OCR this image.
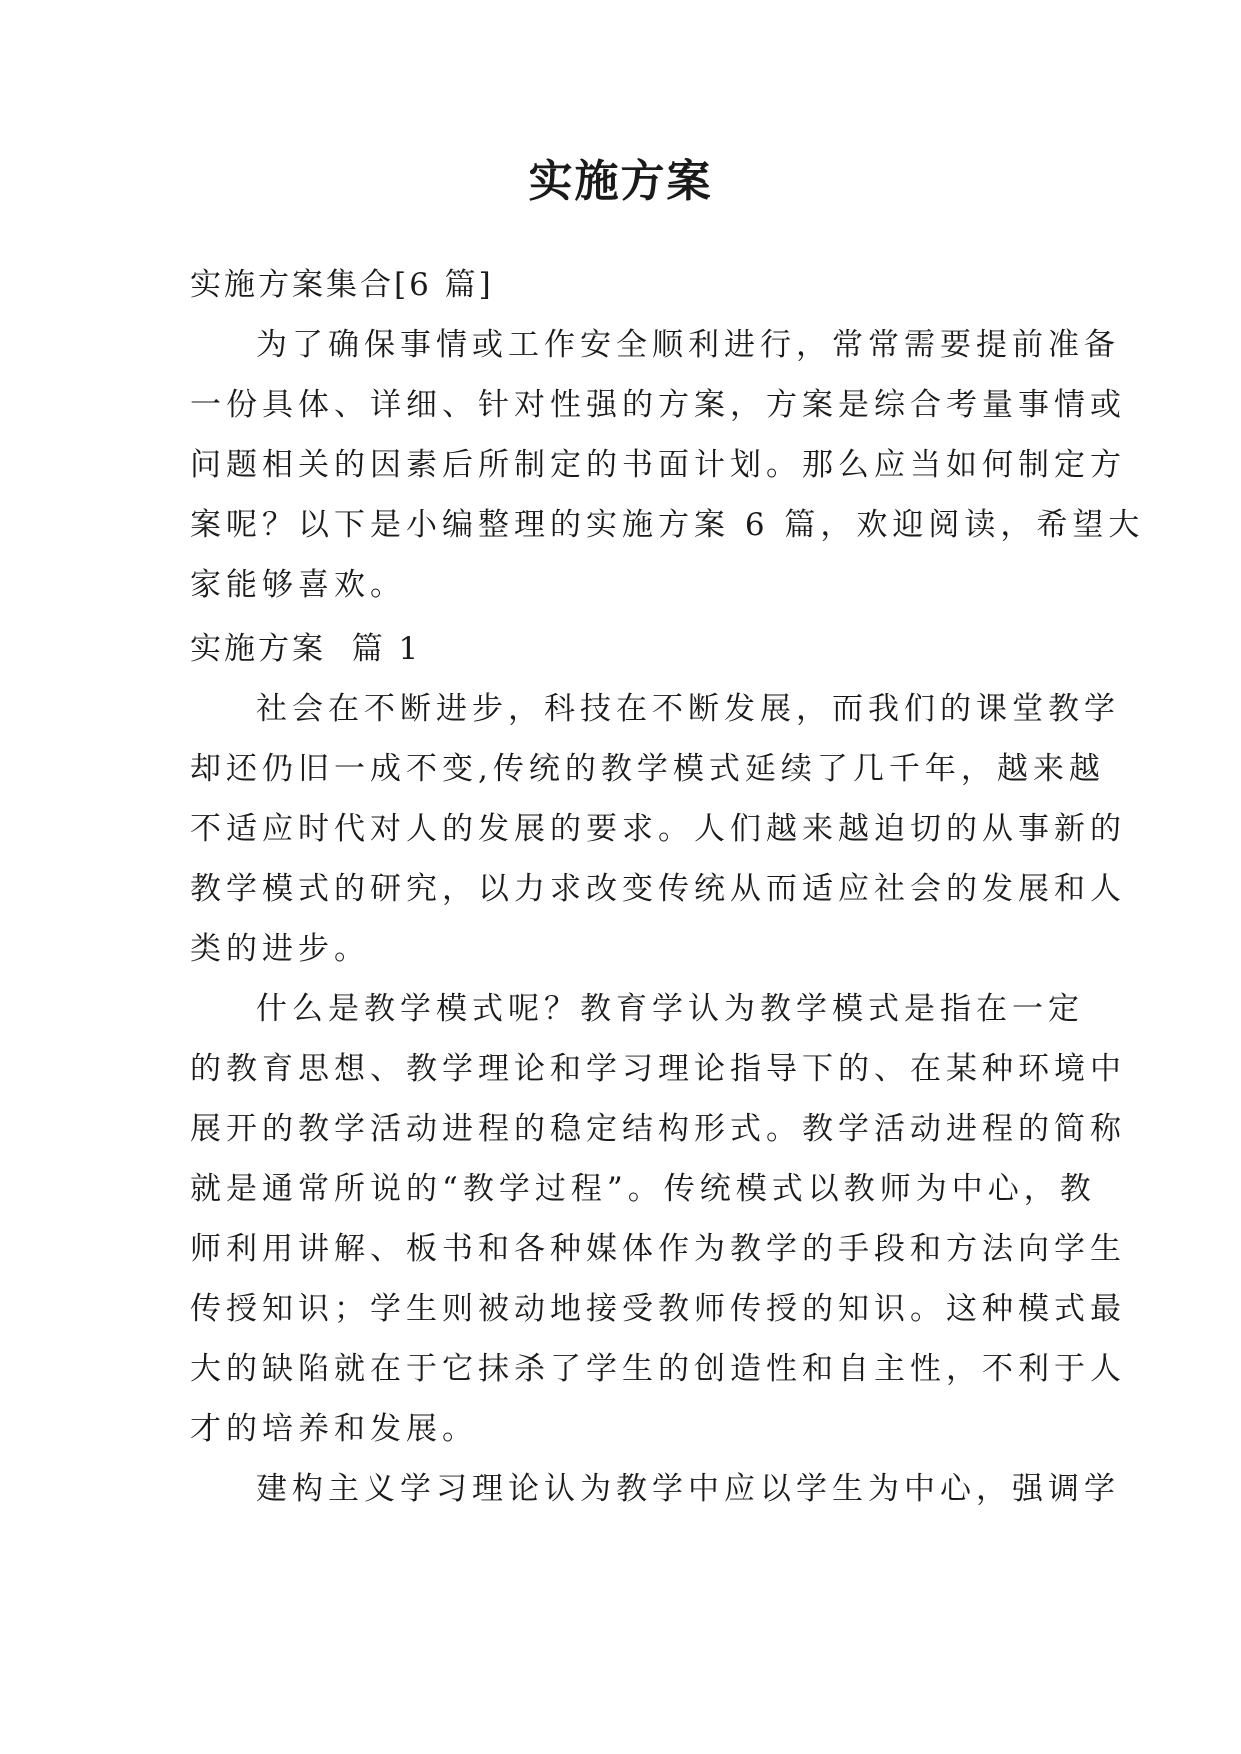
实施方案
实施方案集合[6 篇]
为了确保事情或工作安全顺利进行，常常需要提前准备
一份具体、详细、针对性强的方案，方案是综合考量事情或
问题相关的因素后所制定的书面计划。那么应当如何制定方
案呢？以下是小编整理的实施方案 6 篇，欢迎阅读，希望大
家能够喜欢。
实施方案  篇 1
社会在不断进步，科技在不断发展，而我们的课堂教学
却还仍旧一成不变,传统的教学模式延续了几千年，越来越
不适应时代对人的发展的要求。人们越来越迫切的从事新的
教学模式的研究，以力求改变传统从而适应社会的发展和人
类的进步。
什么是教学模式呢？教育学认为教学模式是指在一定
的教育思想、教学理论和学习理论指导下的、在某种环境中
展开的教学活动进程的稳定结构形式。教学活动进程的简称
就是通常所说的“教学过程”。传统模式以教师为中心，教
师利用讲解、板书和各种媒体作为教学的手段和方法向学生
传授知识；学生则被动地接受教师传授的知识。这种模式最
大的缺陷就在于它抹杀了学生的创造性和自主性，不利于人
才的培养和发展。
建构主义学习理论认为教学中应以学生为中心，强调学
